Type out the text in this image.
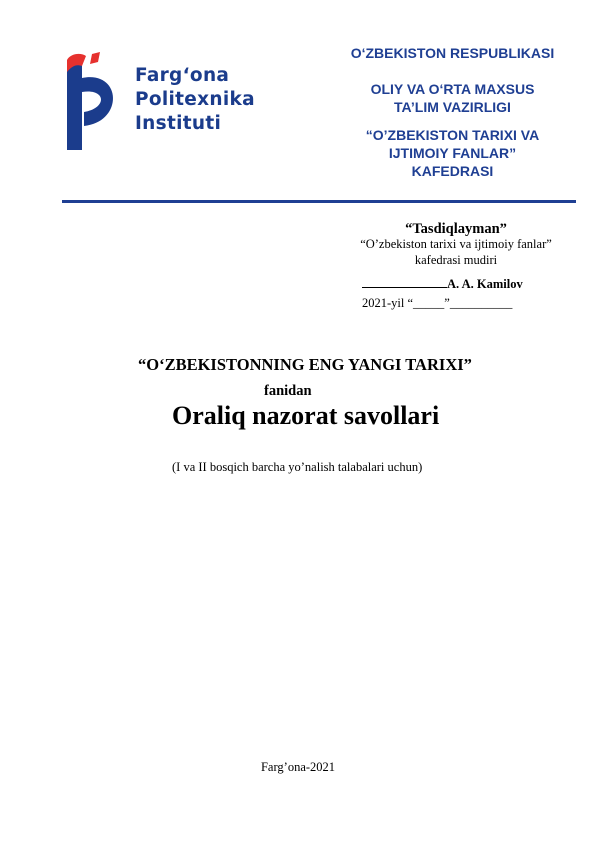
Farg‘ona
Politexnika
Instituti
O‘ZBEKISTON RESPUBLIKASI
OLIY VA O‘RTA MAXSUS
TA’LIM VAZIRLIGI
“O’ZBEKISTON TARIXI VA
IJTIMOIY FANLAR”
KAFEDRASI
“Tasdiqlayman”
“O’zbekiston tarixi va ijtimoiy fanlar”
kafedrasi mudiri
A. A. Kamilov
2021-yil “_____”__________
“O‘ZBEKISTONNING ENG YANGI TARIXI”
fanidan
Oraliq nazorat savollari
(I va II bosqich barcha yo’nalish talabalari uchun)
Farg’ona-2021
